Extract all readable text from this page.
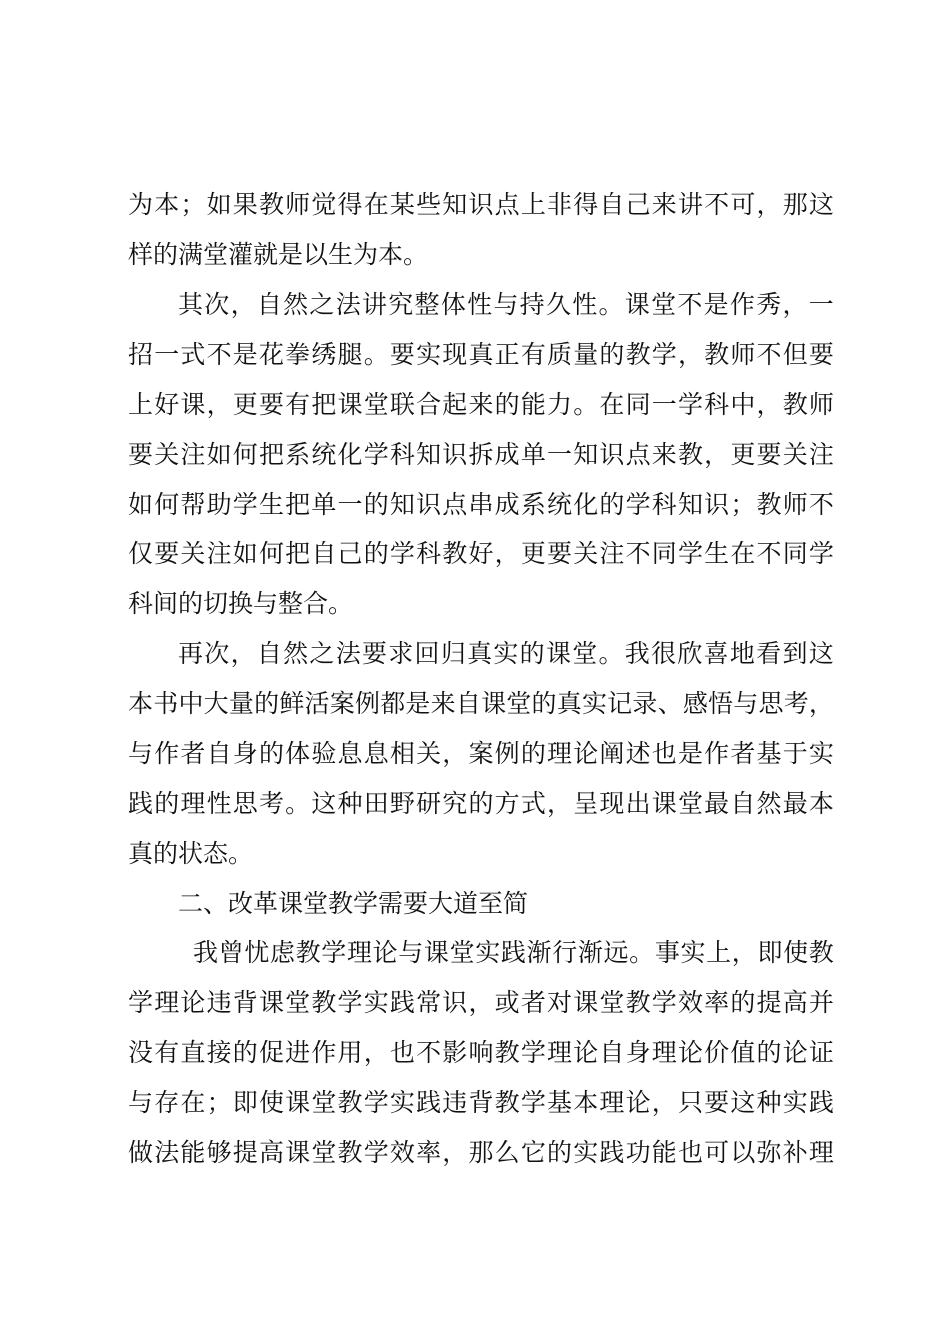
为 本 ； 如 果 教 师 觉 得 在 某 些 知 识 点 上 非 得 自 己 来 讲 不 可 ， 那 这
样的满堂灌就是以生为本。
其 次 ， 自 然 之 法 讲 究 整 体 性 与 持 久 性 。 课 堂 不 是 作 秀 ， 一
招 一 式 不 是 花 拳 绣 腿 。 要 实 现 真 正 有 质 量 的 教 学 ， 教 师 不 但 要
上 好 课 ， 更 要 有 把 课 堂 联 合 起 来 的 能 力 。 在 同 一 学 科 中 ， 教 师
要 关 注 如 何 把 系 统 化 学 科 知 识 拆 成 单 一 知 识 点 来 教 ， 更 要 关 注
如 何 帮 助 学 生 把 单 一 的 知 识 点 串 成 系 统 化 的 学 科 知 识 ； 教 师 不
仅 要 关 注 如 何 把 自 己 的 学 科 教 好 ， 更 要 关 注 不 同 学 生 在 不 同 学
科间的切换与整合。
再 次 ， 自 然 之 法 要 求 回 归 真 实 的 课 堂 。 我 很 欣 喜 地 看 到 这
本 书 中 大 量 的 鲜 活 案 例 都 是 来 自 课 堂 的 真 实 记 录 、 感 悟 与 思 考 ，
与 作 者 自 身 的 体 验 息 息 相 关 ， 案 例 的 理 论 阐 述 也 是 作 者 基 于 实
践 的 理 性 思 考 。 这 种 田 野 研 究 的 方 式 ， 呈 现 出 课 堂 最 自 然 最 本
真的状态。
二、改革课堂教学需要大道至简
我 曾 忧 虑 教 学 理 论 与 课 堂 实 践 渐 行 渐 远 。 事 实 上 ， 即 使 教
学 理 论 违 背 课 堂 教 学 实 践 常 识 ， 或 者 对 课 堂 教 学 效 率 的 提 高 并
没 有 直 接 的 促 进 作 用 ， 也 不 影 响 教 学 理 论 自 身 理 论 价 值 的 论 证
与 存 在 ； 即 使 课 堂 教 学 实 践 违 背 教 学 基 本 理 论 ， 只 要 这 种 实 践
做 法 能 够 提 高 课 堂 教 学 效 率 ， 那 么 它 的 实 践 功 能 也 可 以 弥 补 理
